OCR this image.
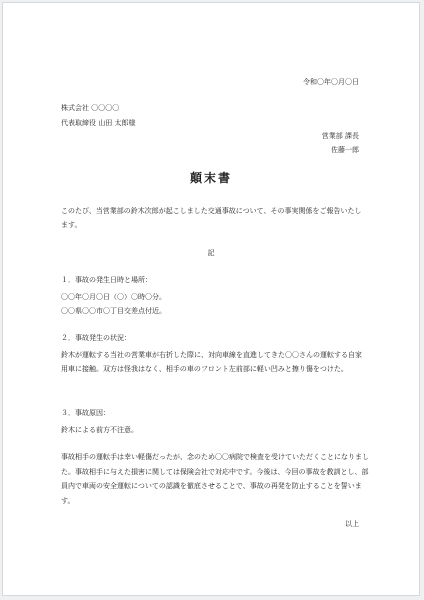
令和〇年〇月〇日
株式会社 〇〇〇〇
代表取締役 山田 太郎様
営業部 課長
佐藤一郎
顛末書
このたび、当営業部の鈴木次郎が起こしました交通事故について、その事実関係をご報告いたします。
記
１．事故の発生日時と場所：
〇〇年〇月〇日（〇）〇時〇分。
〇〇県〇〇市〇丁目交差点付近。
２．事故発生の状況：
鈴木が運転する当社の営業車が右折した際に、対向車線を直進してきた〇〇さんの運転する自家用車に接触。双方は怪我はなく、相手の車のフロント左前部に軽い凹みと擦り傷をつけた。
３．事故原因：
鈴木による前方不注意。
事故相手の運転手は幸い軽傷だったが、念のため〇〇病院で検査を受けていただくことになりました。事故相手に与えた損害に関しては保険会社で対応中です。今後は、今回の事故を教訓とし、部員内で車両の安全運転についての認識を徹底させることで、事故の再発を防止することを誓います。
以上
